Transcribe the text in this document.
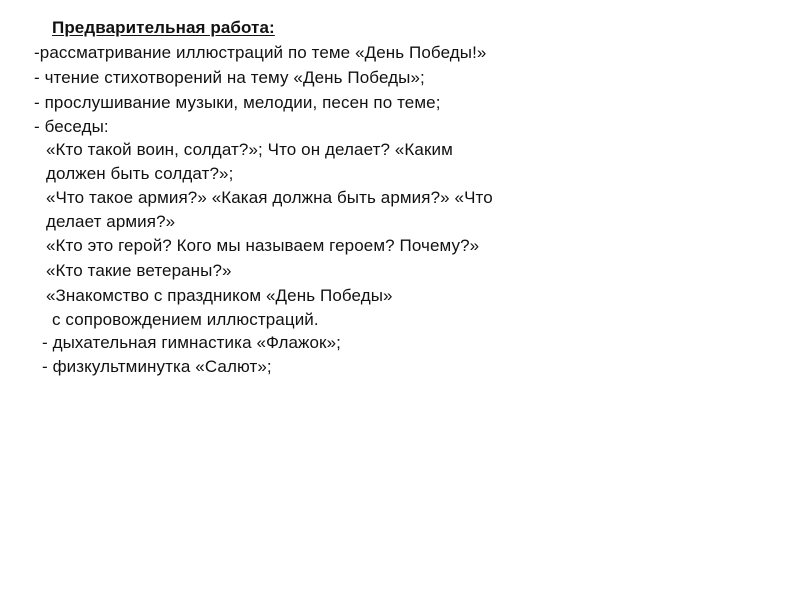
Предварительная работа:
-рассматривание иллюстраций по теме «День Победы!»
- чтение стихотворений на тему «День Победы»;
- прослушивание музыки, мелодии, песен по теме;
- беседы:
«Кто такой воин, солдат?»; Что он делает? «Каким
должен быть солдат?»;
«Что такое армия?» «Какая должна быть армия?» «Что
делает армия?»
«Кто это герой? Кого мы называем героем? Почему?»
«Кто такие ветераны?»
«Знакомство с праздником «День Победы»
с сопровождением иллюстраций.
- дыхательная гимнастика «Флажок»;
- физкультминутка «Салют»;
